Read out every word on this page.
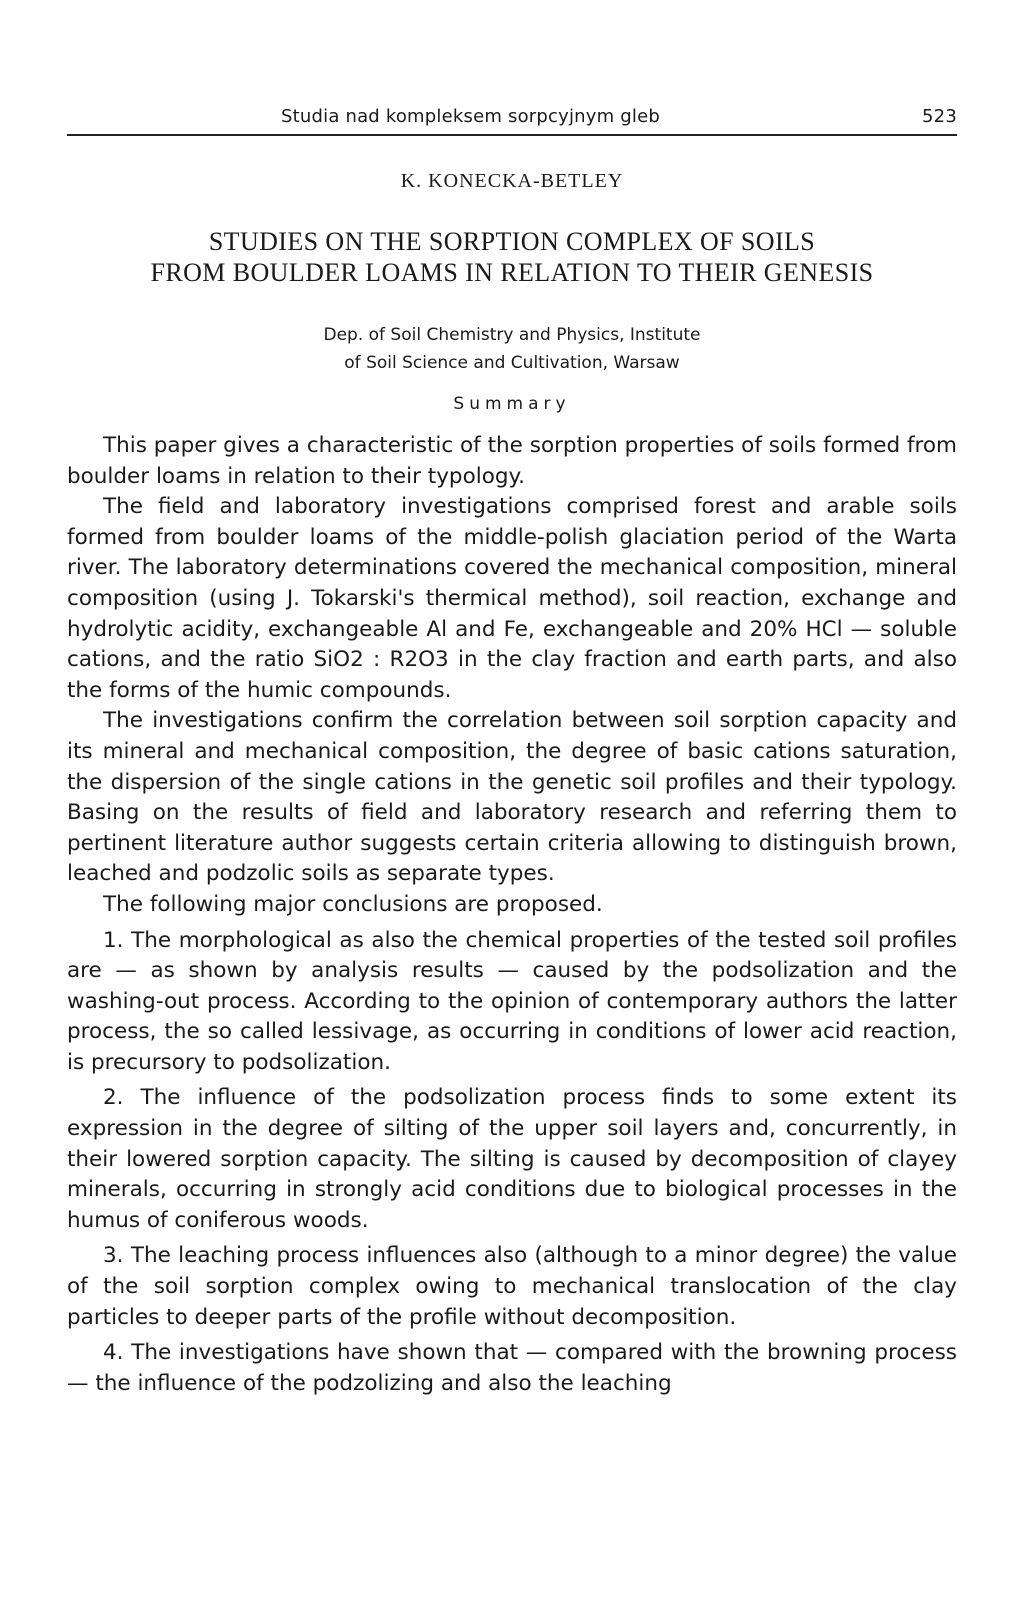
Studia nad kompleksem sorpcyjnym gleb	523
K. KONECKA-BETLEY
STUDIES ON THE SORPTION COMPLEX OF SOILS
FROM BOULDER LOAMS IN RELATION TO THEIR GENESIS
Dep. of Soil Chemistry and Physics, Institute
of Soil Science and Cultivation, Warsaw
Summary

This paper gives a characteristic of the sorption properties of soils formed from boulder loams in relation to their typology.

The field and laboratory investigations comprised forest and arable soils formed from boulder loams of the middle-polish glaciation period of the Warta river. The laboratory determinations covered the mechanical composition, mineral composition (using J. Tokarski's thermical method), soil reaction, exchange and hydrolytic acidity, exchangeable Al and Fe, exchangeable and 20% HCl — soluble cations, and the ratio SiO2 : R2O3 in the clay fraction and earth parts, and also the forms of the humic compounds.

The investigations confirm the correlation between soil sorption capacity and its mineral and mechanical composition, the degree of basic cations saturation, the dispersion of the single cations in the genetic soil profiles and their typology. Basing on the results of field and laboratory research and referring them to pertinent literature author suggests certain criteria allowing to distinguish brown, leached and podzolic soils as separate types.

The following major conclusions are proposed.

1. The morphological as also the chemical properties of the tested soil profiles are — as shown by analysis results — caused by the podsolization and the washing-out process. According to the opinion of contemporary authors the latter process, the so called lessivage, as occurring in conditions of lower acid reaction, is precursory to podsolization.

2. The influence of the podsolization process finds to some extent its expression in the degree of silting of the upper soil layers and, concurrently, in their lowered sorption capacity. The silting is caused by decomposition of clayey minerals, occurring in strongly acid conditions due to biological processes in the humus of coniferous woods.

3. The leaching process influences also (although to a minor degree) the value of the soil sorption complex owing to mechanical translocation of the clay particles to deeper parts of the profile without decomposition.

4. The investigations have shown that — compared with the browning process — the influence of the podzolizing and also the leaching
